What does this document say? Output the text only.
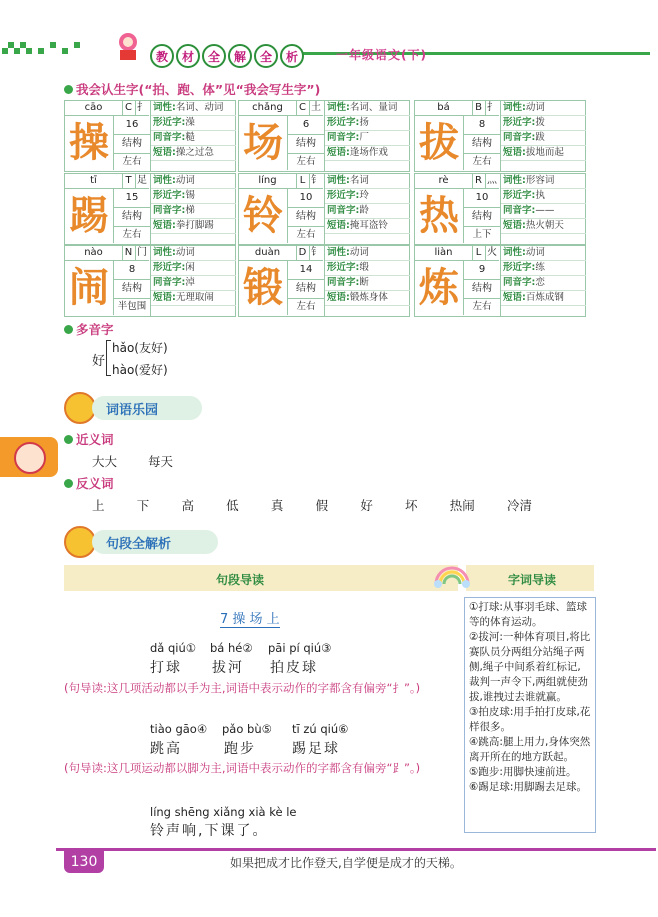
教	材	全	解	全	析	一年级语文(下)
我会认生字(“拍、跑、体”见“我会写生字”)
cāo	C 扌
操	16
结构
左右
词性:名词、动词
形近字:澡
同音字:糙
短语:操之过急
chǎng	C 土
场	6
结构
左右
词性:名词、量词
形近字:扬
同音字:厂
短语:逢场作戏
bá	B 扌
拔	8
结构
左右
词性:动词
形近字:拨
同音字:跋
短语:拔地而起
tī	T 足
踢	15
结构
左右
词性:动词
形近字:锡
同音字:梯
短语:拳打脚踢
líng	L 钅
铃	10
结构
左右
词性:名词
形近字:玲
同音字:龄
短语:掩耳盗铃
rè	R 灬
热	10
结构
上下
词性:形容词
形近字:执
同音字:——
短语:热火朝天
nào	N 门
闹	8
结构
半包围
词性:动词
形近字:闲
同音字:淖
短语:无理取闹
duàn	D 钅
锻	14
结构
左右
词性:动词
形近字:缎
同音字:断
短语:锻炼身体
liàn	L 火
炼	9
结构
左右
词性:动词
形近字:练
同音字:恋
短语:百炼成钢
多音字
好
hǎo(友好)
hào(爱好)
词语乐园
近义词
大大 每天
反义词
上	下	高	低	真	假	好	坏	热闹	冷清
句段全解析
句段导读	字词导读
7 操 场 上
dǎ qiú① bá hé② pāi pí qiú③
打球 拔河 拍皮球
(句导读:这几项活动都以手为主,词语中表示动作的字都含有偏旁“扌”。)
tiào gāo④ pǎo bù⑤ tī zú qiú⑥
跳高	跑步	踢足球
(句导读:这几项运动都以脚为主,词语中表示动作的字都含有偏旁“⻊”。)
líng shēng xiǎng xià kè le
铃声响,下课了。
①打球:从事羽毛球、篮球等的体育运动。
②拔河:一种体育项目,将比赛队员分两组分站绳子两侧,绳子中间系着红标记,裁判一声令下,两组就使劲拔,谁拽过去谁就赢。
③拍皮球:用手拍打皮球,花样很多。
④跳高:腿上用力,身体突然离开所在的地方跃起。
⑤跑步:用脚快速前进。
⑥踢足球:用脚踢去足球。
130	如果把成才比作登天,自学便是成才的天梯。
